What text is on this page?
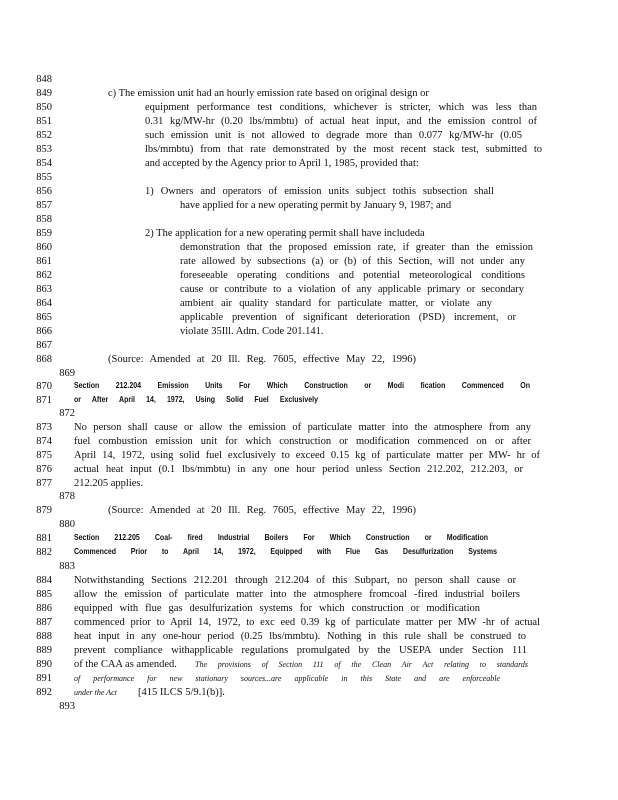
848
849	c) The emission unit had an hourly emission rate based on original design or
850	equipment performance test conditions, whichever is stricter, which was less than
851	0.31 kg/MW-hr (0.20 lbs/mmbtu) of actual heat input, and the emission control of
852	such emission unit is not allowed to degrade more than 0.077 kg/MW-hr (0.05
853	lbs/mmbtu) from that rate demonstrated by the most recent stack test, submitted to
854	and accepted by the Agency prior to April 1, 1985, provided that:
855
856	1) Owners and operators of emission units subject tothis subsection shall
857	have applied for a new operating permit by January 9, 1987; and
858
859	2) The application for a new operating permit shall have includeda
860	demonstration that the proposed emission rate, if greater than the emission
861	rate allowed by subsections (a) or (b) of this Section, will not under any
862	foreseeable operating conditions and potential meteorological conditions
863	cause or contribute to a violation of any applicable primary or secondary
864	ambient air quality standard for particulate matter, or violate any
865	applicable prevention of significant deterioration (PSD) increment, or
866	violate 35Ill. Adm. Code 201.141.
867
868	(Source: Amended at 20 Ill. Reg. 7605, effective May 22, 1996)
869
870	Section 212.204 Emission Units For Which Construction or Modi fication Commenced On
871	or After April 14, 1972, Using Solid Fuel Exclusively
872
873 No person shall cause or allow the emission of particulate matter into the atmosphere from any
874 fuel combustion emission unit for which construction or modification commenced on or after
875 April 14, 1972, using solid fuel exclusively to exceed 0.15 kg of particulate matter per MW- hr of
876 actual heat input (0.1 lbs/mmbtu) in any one hour period unless Section 212.202, 212.203, or
877 212.205 applies.
878
879	(Source: Amended at 20 Ill. Reg. 7605, effective May 22, 1996)
880
881	Section 212.205 Coal- fired Industrial Boilers For Which Construction or Modification
882	Commenced Prior to April 14, 1972, Equipped with Flue Gas Desulfurization Systems
883
884 Notwithstanding Sections 212.201 through 212.204 of this Subpart, no person shall cause or
885 allow the emission of particulate matter into the atmosphere fromcoal -fired industrial boilers
886 equipped with flue gas desulfurization systems for which construction or modification
887 commenced prior to April 14, 1972, to exc eed 0.39 kg of particulate matter per MW -hr of actual
888 heat input in any one-hour period (0.25 lbs/mmbtu). Nothing in this rule shall be construed to
889 prevent compliance withapplicable regulations promulgated by the USEPA under Section 111
890 of the CAA as amended. The provisions of Section 111 of the Clean Air Act relating to standards
891	of performance for new stationary sources...are applicable in this State and are enforceable
892	under the Act [415 ILCS 5/9.1(b)].
893
